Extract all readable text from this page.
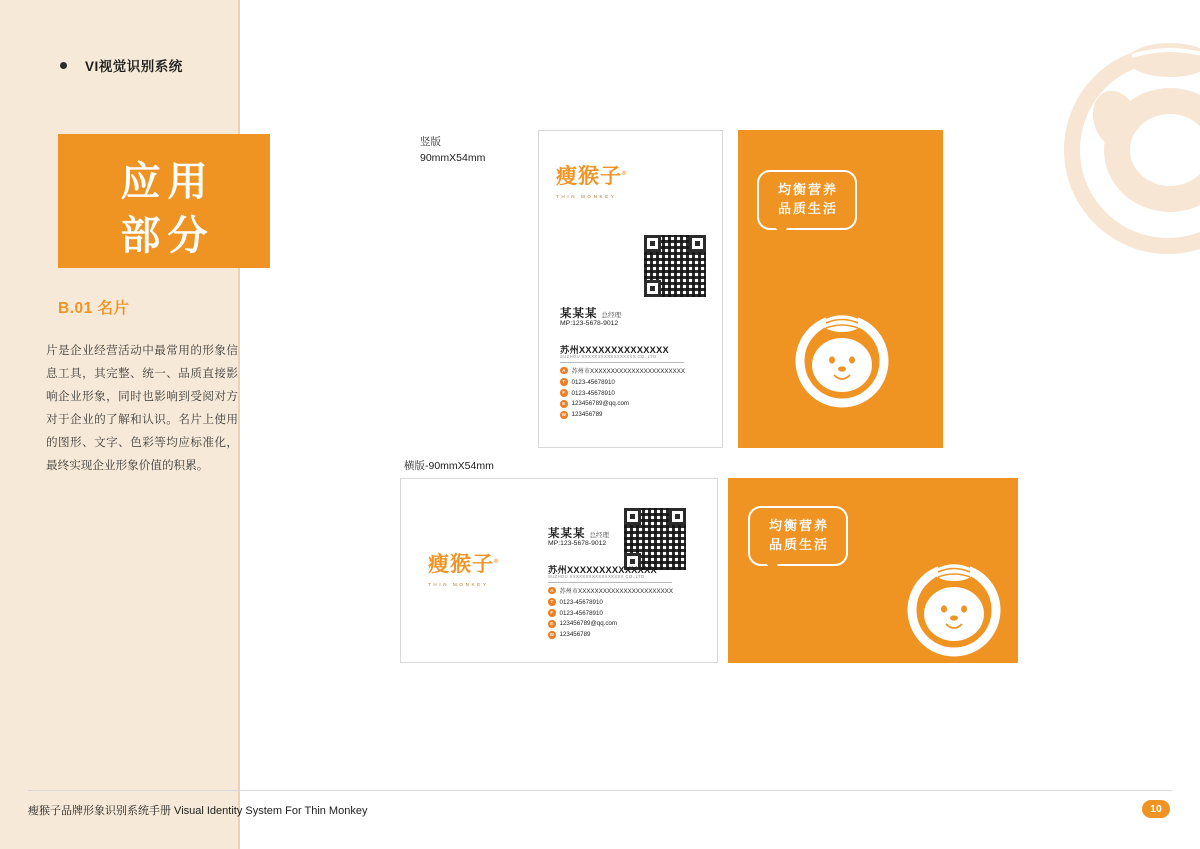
VI视觉识别系统
应用
部分
B.01 名片

片是企业经营活动中最常用的形象信息工具，其完整、统一、品质直接影响企业形象，同时也影响到受阅对方对于企业的了解和认识。名片上使用的图形、文字、色彩等均应标准化，最终实现企业形象价值的积累。

竖版
90mmX54mm
横版-90mmX54mm
瘦猴子®
THIN MONKEY
某某某 总经理
MP:123-5678-9012
苏州XXXXXXXXXXXXXX
SUZHOU XXXXXXXXXXXXXXXXX CO.,LTD
A 苏州市XXXXXXXXXXXXXXXXXXXXXXX
T	0123-45678910
F	0123-45678910
E	123456789@qq.com
W 123456789
均衡营养
品质生活
瘦猴子®
THIN MONKEY
某某某 总经理
MP:123-5678-9012
苏州XXXXXXXXXXXXXX
SUZHOU XXXXXXXXXXXXXXXXX CO.,LTD
A 苏州市XXXXXXXXXXXXXXXXXXXXXXX
T	0123-45678910
F	0123-45678910
E	123456789@qq.com
W 123456789
均衡营养
品质生活
瘦猴子品牌形象识别系统手册 Visual Identity System For Thin Monkey	10
